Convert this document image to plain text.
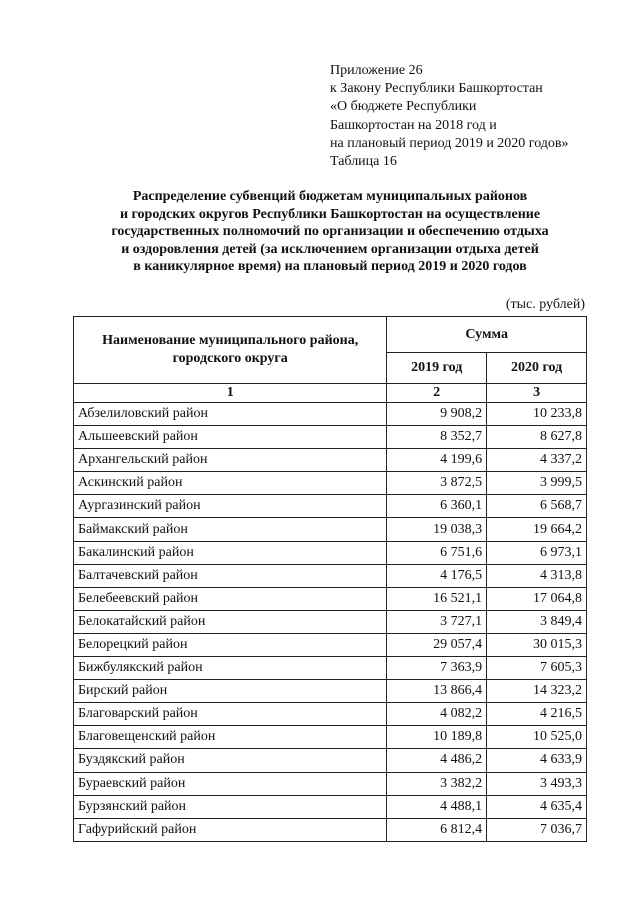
Приложение 26
к Закону Республики Башкортостан
«О бюджете Республики
Башкортостан на 2018 год и
на плановый период 2019 и 2020 годов»
Таблица 16
Распределение субвенций бюджетам муниципальных районов
и городских округов Республики Башкортостан на осуществление
государственных полномочий по организации и обеспечению отдыха
и оздоровления детей (за исключением организации отдыха детей
в каникулярное время) на плановый период 2019 и 2020 годов
(тыс. рублей)
Наименование муниципального района, городского округа	Сумма	
	2019 год	2020 год
1	2	3
Абзелиловский район	9 908,2	10 233,8
Альшеевский район	8 352,7	8 627,8
Архангельский район	4 199,6	4 337,2
Аскинский район	3 872,5	3 999,5
Аургазинский район	6 360,1	6 568,7
Баймакский район	19 038,3	19 664,2
Бакалинский район	6 751,6	6 973,1
Балтачевский район	4 176,5	4 313,8
Белебеевский район	16 521,1	17 064,8
Белокатайский район	3 727,1	3 849,4
Белорецкий район	29 057,4	30 015,3
Бижбулякский район	7 363,9	7 605,3
Бирский район	13 866,4	14 323,2
Благоварский район	4 082,2	4 216,5
Благовещенский район	10 189,8	10 525,0
Буздякский район	4 486,2	4 633,9
Бураевский район	3 382,2	3 493,3
Бурзянский район	4 488,1	4 635,4
Гафурийский район	6 812,4	7 036,7
